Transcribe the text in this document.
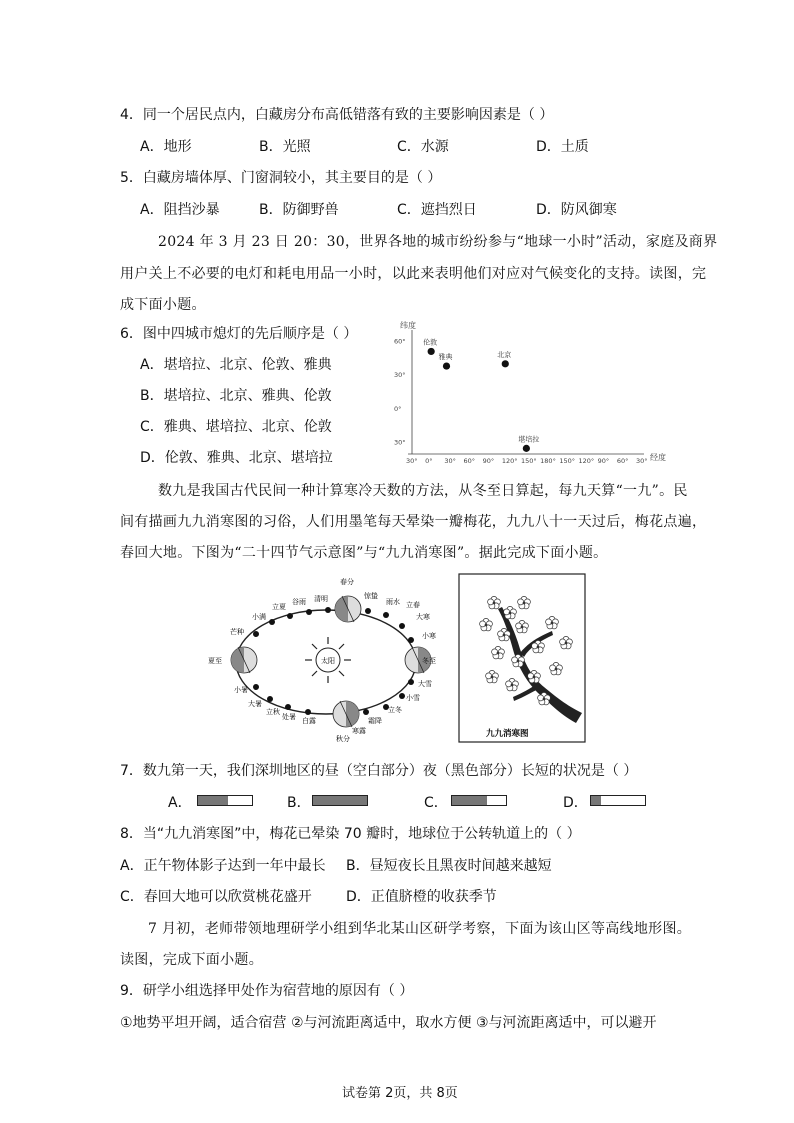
4．同一个居民点内，白藏房分布高低错落有致的主要影响因素是（ ）
A．地形	B．光照	C．水源	D．土质
5．白藏房墙体厚、门窗洞较小，其主要目的是（ ）
A．阻挡沙暴	B．防御野兽	C．遮挡烈日	D．防风御寒
2024 年 3 月 23 日 20：30，世界各地的城市纷纷参与“地球一小时”活动，家庭及商界
用户关上不必要的电灯和耗电用品一小时，以此来表明他们对应对气候变化的支持。读图，完
成下面小题。
6．图中四城市熄灯的先后顺序是（ ）
A．堪培拉、北京、伦敦、雅典
B．堪培拉、北京、雅典、伦敦
C．雅典、堪培拉、北京、伦敦
D．伦敦、雅典、北京、堪培拉
纬度
经度
30° 0° 30° 60° 90° 120° 150° 180° 150° 120° 90° 60° 30°
60°
30°
0°
30°
伦敦
雅典	北京
堪培拉
数九是我国古代民间一种计算寒冷天数的方法，从冬至日算起，每九天算“一九”。民
间有描画九九消寒图的习俗，人们用墨笔每天晕染一瓣梅花，九九八十一天过后，梅花点遍，
春回大地。下图为“二十四节气示意图”与“九九消寒图”。据此完成下面小题。
太阳
春分
惊蛰
雨水 立春
大寒
小寒
清明
谷雨
立夏
小满
芒种
冬至
夏至
大雪
小雪
立冬
霜降
寒露
秋分
白露
处暑
立秋
大暑
小暑
九九消寒图
7．数九第一天，我们深圳地区的昼（空白部分）夜（黑色部分）长短的状况是（ ）
A．	B．	C．	D．
8．当“九九消寒图”中，梅花已晕染 70 瓣时，地球位于公转轨道上的（ ）
A．正午物体影子达到一年中最长 B．昼短夜长且黑夜时间越来越短
C．春回大地可以欣赏桃花盛开 D．正值脐橙的收获季节
7 月初，老师带领地理研学小组到华北某山区研学考察，下面为该山区等高线地形图。
读图，完成下面小题。
9．研学小组选择甲处作为宿营地的原因有（ ）
①地势平坦开阔，适合宿营 ②与河流距离适中，取水方便 ③与河流距离适中，可以避开
试卷第 2页，共 8页
